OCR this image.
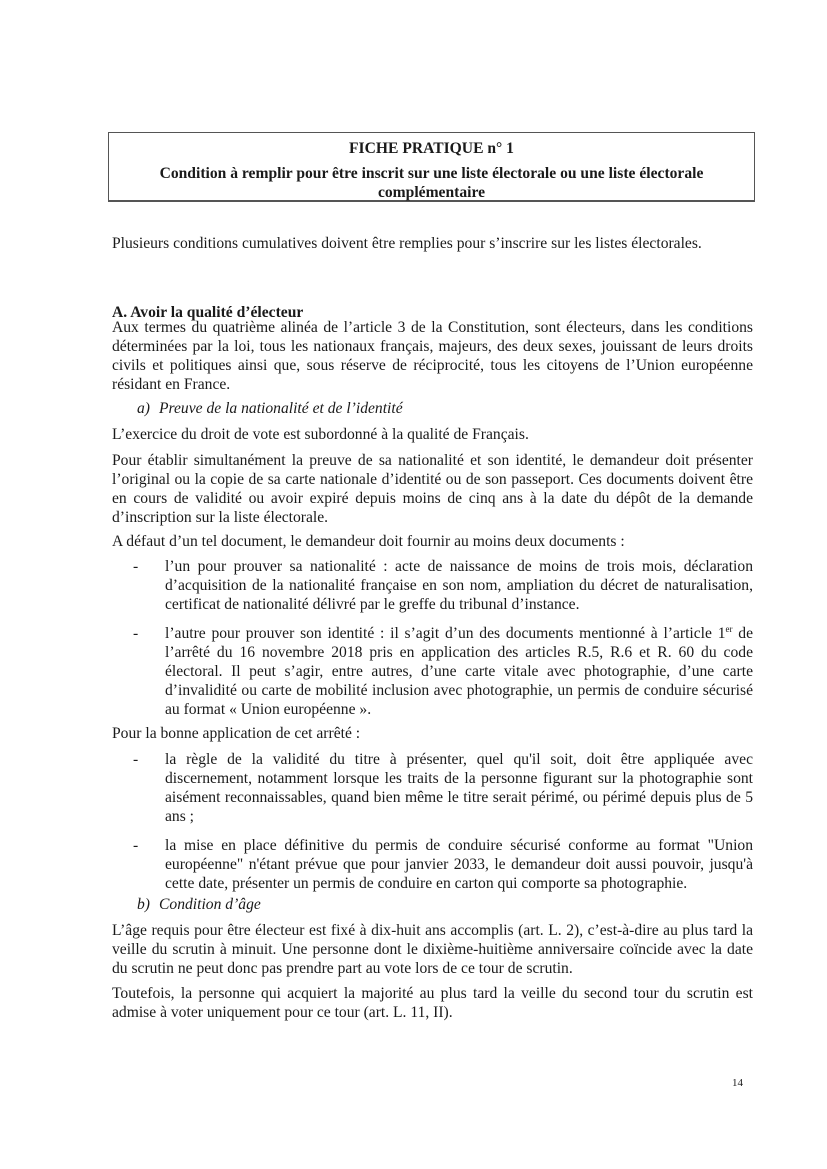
FICHE PRATIQUE n° 1
Condition à remplir pour être inscrit sur une liste électorale ou une liste électorale complémentaire
Plusieurs conditions cumulatives doivent être remplies pour s’inscrire sur les listes électorales.
A. Avoir la qualité d’électeur
Aux termes du quatrième alinéa de l’article 3 de la Constitution, sont électeurs, dans les conditions déterminées par la loi, tous les nationaux français, majeurs, des deux sexes, jouissant de leurs droits civils et politiques ainsi que, sous réserve de réciprocité, tous les citoyens de l’Union européenne résidant en France.
a) Preuve de la nationalité et de l’identité
L’exercice du droit de vote est subordonné à la qualité de Français.
Pour établir simultanément la preuve de sa nationalité et son identité, le demandeur doit présenter l’original ou la copie de sa carte nationale d’identité ou de son passeport. Ces documents doivent être en cours de validité ou avoir expiré depuis moins de cinq ans à la date du dépôt de la demande d’inscription sur la liste électorale.
A défaut d’un tel document, le demandeur doit fournir au moins deux documents :
- l’un pour prouver sa nationalité : acte de naissance de moins de trois mois, déclaration d’acquisition de la nationalité française en son nom, ampliation du décret de naturalisation, certificat de nationalité délivré par le greffe du tribunal d’instance.
- l’autre pour prouver son identité : il s’agit d’un des documents mentionné à l’article 1er de l’arrêté du 16 novembre 2018 pris en application des articles R.5, R.6 et R. 60 du code électoral. Il peut s’agir, entre autres, d’une carte vitale avec photographie, d’une carte d’invalidité ou carte de mobilité inclusion avec photographie, un permis de conduire sécurisé au format « Union européenne ».
Pour la bonne application de cet arrêté :
- la règle de la validité du titre à présenter, quel qu'il soit, doit être appliquée avec discernement, notamment lorsque les traits de la personne figurant sur la photographie sont aisément reconnaissables, quand bien même le titre serait périmé, ou périmé depuis plus de 5 ans ;
- la mise en place définitive du permis de conduire sécurisé conforme au format "Union européenne" n'étant prévue que pour janvier 2033, le demandeur doit aussi pouvoir, jusqu'à cette date, présenter un permis de conduire en carton qui comporte sa photographie.
b) Condition d’âge
L’âge requis pour être électeur est fixé à dix-huit ans accomplis (art. L. 2), c’est-à-dire au plus tard la veille du scrutin à minuit. Une personne dont le dixième-huitième anniversaire coïncide avec la date du scrutin ne peut donc pas prendre part au vote lors de ce tour de scrutin.
Toutefois, la personne qui acquiert la majorité au plus tard la veille du second tour du scrutin est admise à voter uniquement pour ce tour (art. L. 11, II).
14
